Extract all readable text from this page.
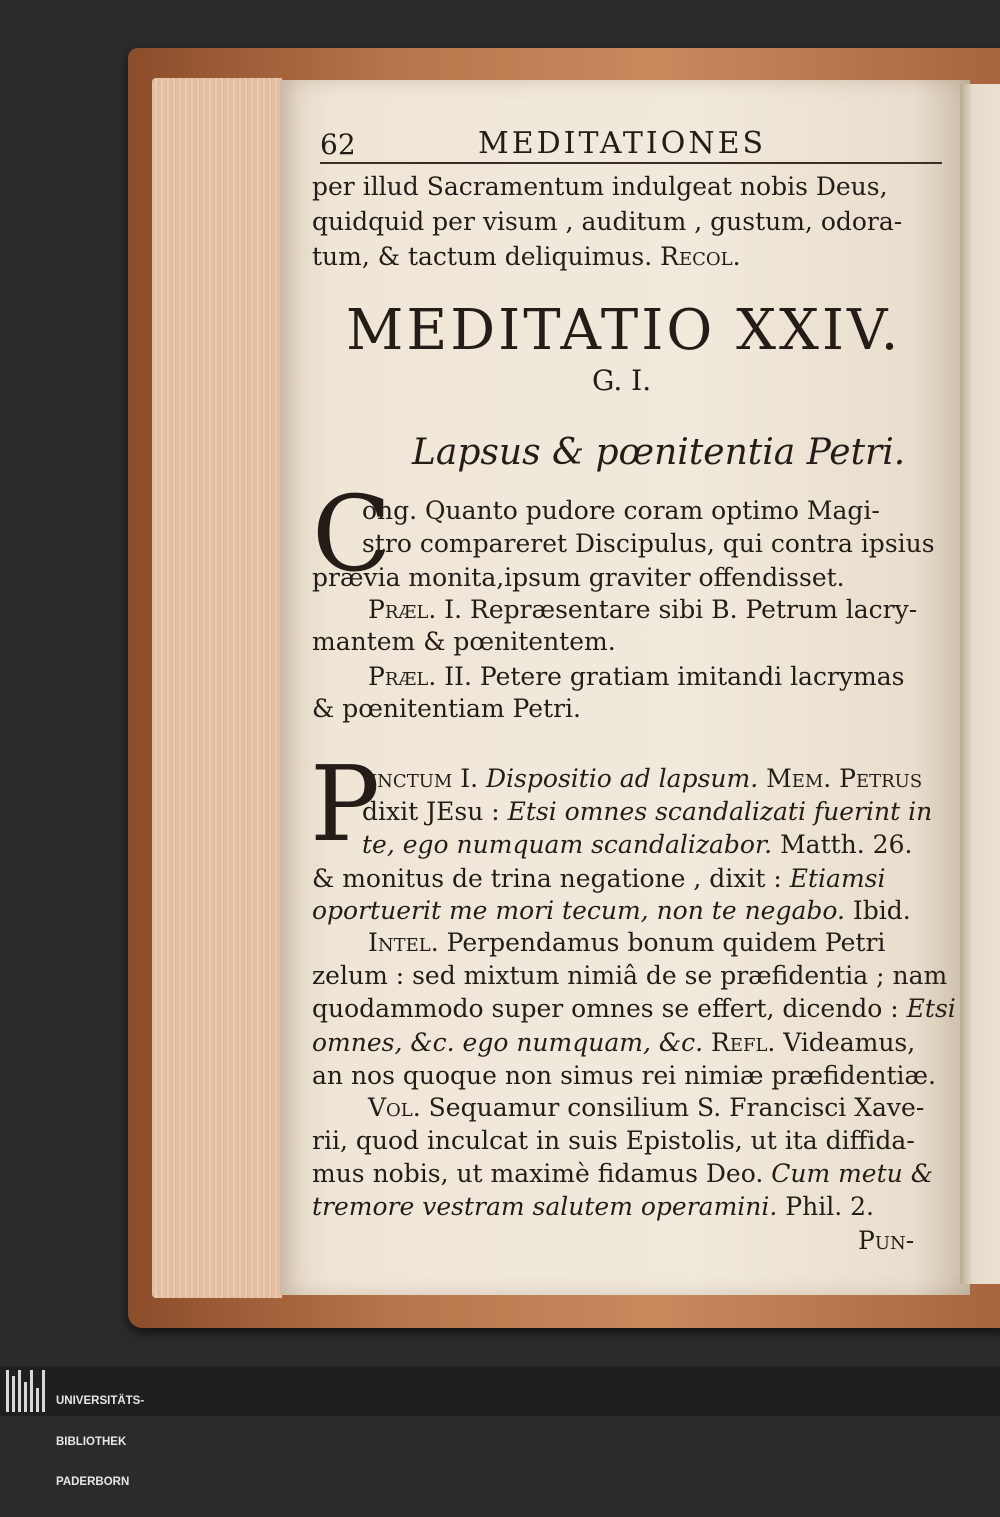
62	MEDITATIONES
per illud Sacramentum indulgeat nobis Deus,
quidquid per visum , auditum , gustum, odora-
tum, & tactum deliquimus. Recol.
MEDITATIO XXIV.
G. I.
Lapsus & pœnitentia Petri.
C
ong. Quanto pudore coram optimo Magi-
stro compareret Discipulus, qui contra ipsius
prævia monita,ipsum graviter offendisset.
Præl. I. Repræsentare sibi B. Petrum lacry-
mantem & pœnitentem.
Præl. II. Petere gratiam imitandi lacrymas
& pœnitentiam Petri.
P
unctum I. Dispositio ad lapsum. Mem. Petrus
dixit JEsu : Etsi omnes scandalizati fuerint in
te, ego numquam scandalizabor. Matth. 26.
& monitus de trina negatione , dixit : Etiamsi
oportuerit me mori tecum, non te negabo. Ibid.
Intel. Perpendamus bonum quidem Petri
zelum : sed mixtum nimiâ de se præfidentia ; nam
quodammodo super omnes se effert, dicendo : Etsi
omnes, &c. ego numquam, &c. Refl. Videamus,
an nos quoque non simus rei nimiæ præfidentiæ.
Vol. Sequamur consilium S. Francisci Xave-
rii, quod inculcat in suis Epistolis, ut ita diffida-
mus nobis, ut maximè fidamus Deo. Cum metu &
tremore vestram salutem operamini. Phil. 2.
Pun-

UNIVERSITÄTS-

BIBLIOTHEK

PADERBORN
